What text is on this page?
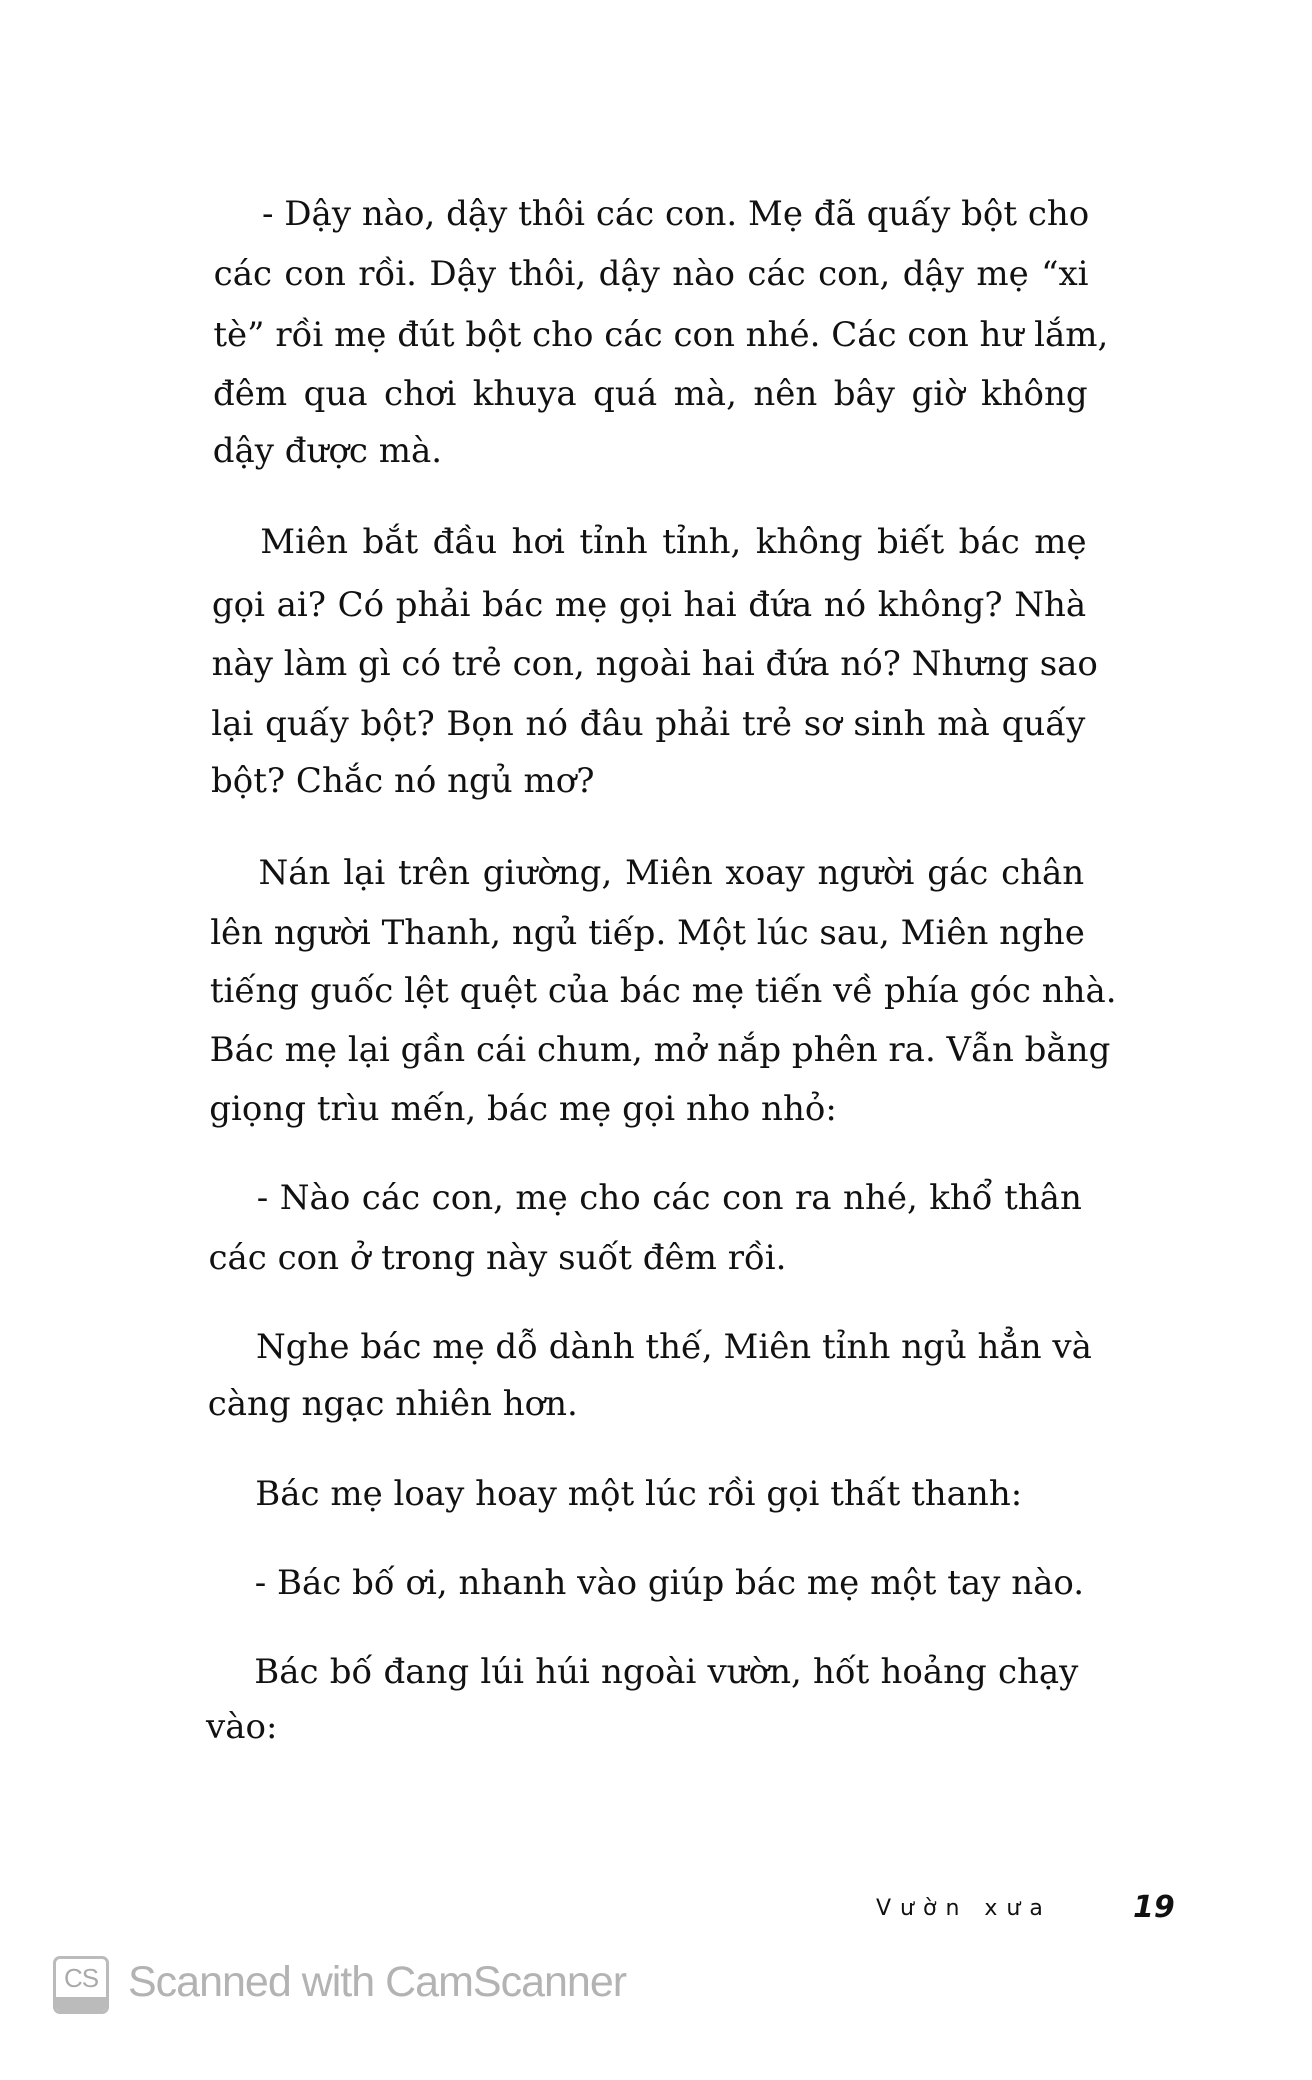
- Dậy nào, dậy thôi các con. Mẹ đã quấy bột cho
các con rồi. Dậy thôi, dậy nào các con, dậy mẹ “xi
tè” rồi mẹ đút bột cho các con nhé. Các con hư lắm,
đêm qua chơi khuya quá mà, nên bây giờ không
dậy được mà.
Miên bắt đầu hơi tỉnh tỉnh, không biết bác mẹ
gọi ai? Có phải bác mẹ gọi hai đứa nó không? Nhà
này làm gì có trẻ con, ngoài hai đứa nó? Nhưng sao
lại quấy bột? Bọn nó đâu phải trẻ sơ sinh mà quấy
bột? Chắc nó ngủ mơ?
Nán lại trên giường, Miên xoay người gác chân
lên người Thanh, ngủ tiếp. Một lúc sau, Miên nghe
tiếng guốc lệt quệt của bác mẹ tiến về phía góc nhà.
Bác mẹ lại gần cái chum, mở nắp phên ra. Vẫn bằng
giọng trìu mến, bác mẹ gọi nho nhỏ:
- Nào các con, mẹ cho các con ra nhé, khổ thân
các con ở trong này suốt đêm rồi.
Nghe bác mẹ dỗ dành thế, Miên tỉnh ngủ hẳn và
càng ngạc nhiên hơn.
Bác mẹ loay hoay một lúc rồi gọi thất thanh:
- Bác bố ơi, nhanh vào giúp bác mẹ một tay nào.
Bác bố đang lúi húi ngoài vườn, hốt hoảng chạy
vào:
Vườn xưa	19
CS Scanned with CamScanner
